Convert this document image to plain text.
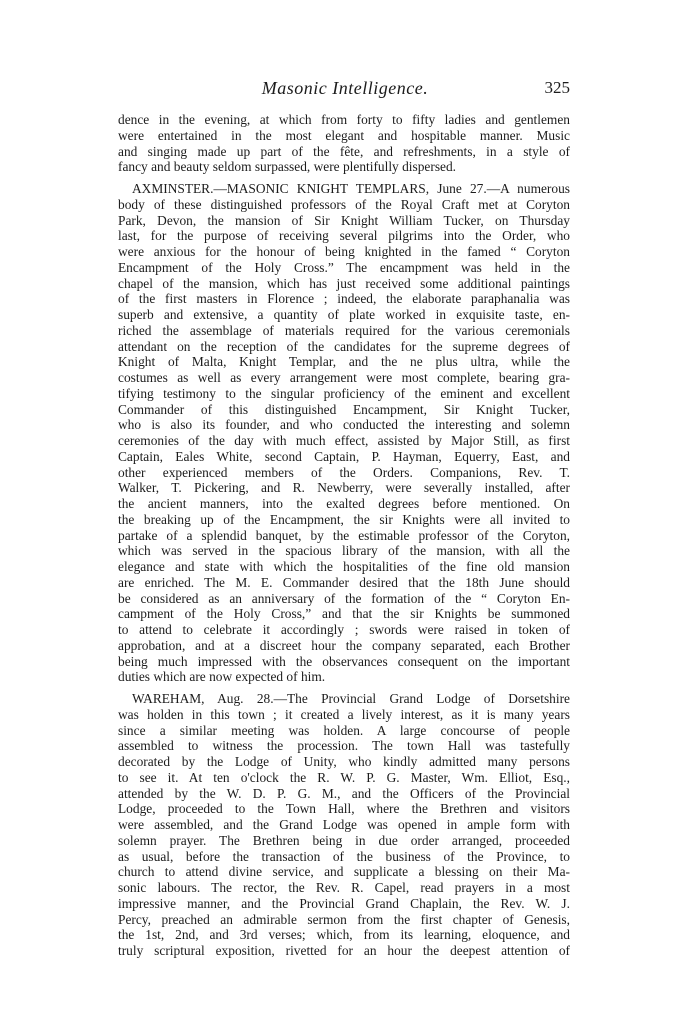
Masonic Intelligence.	325
dence in the evening, at which from forty to fifty ladies and gentlemen
were entertained in the most elegant and hospitable manner. Music
and singing made up part of the fête, and refreshments, in a style of
fancy and beauty seldom surpassed, were plentifully dispersed.
AXMINSTER.—MASONIC KNIGHT TEMPLARS, June 27.—A numerous
body of these distinguished professors of the Royal Craft met at Coryton
Park, Devon, the mansion of Sir Knight William Tucker, on Thursday
last, for the purpose of receiving several pilgrims into the Order, who
were anxious for the honour of being knighted in the famed “ Coryton
Encampment of the Holy Cross.” The encampment was held in the
chapel of the mansion, which has just received some additional paintings
of the first masters in Florence ; indeed, the elaborate paraphanalia was
superb and extensive, a quantity of plate worked in exquisite taste, en-
riched the assemblage of materials required for the various ceremonials
attendant on the reception of the candidates for the supreme degrees of
Knight of Malta, Knight Templar, and the ne plus ultra, while the
costumes as well as every arrangement were most complete, bearing gra-
tifying testimony to the singular proficiency of the eminent and excellent
Commander of this distinguished Encampment, Sir Knight Tucker,
who is also its founder, and who conducted the interesting and solemn
ceremonies of the day with much effect, assisted by Major Still, as first
Captain, Eales White, second Captain, P. Hayman, Equerry, East, and
other experienced members of the Orders. Companions, Rev. T.
Walker, T. Pickering, and R. Newberry, were severally installed, after
the ancient manners, into the exalted degrees before mentioned. On
the breaking up of the Encampment, the sir Knights were all invited to
partake of a splendid banquet, by the estimable professor of the Coryton,
which was served in the spacious library of the mansion, with all the
elegance and state with which the hospitalities of the fine old mansion
are enriched. The M. E. Commander desired that the 18th June should
be considered as an anniversary of the formation of the “ Coryton En-
campment of the Holy Cross,” and that the sir Knights be summoned
to attend to celebrate it accordingly ; swords were raised in token of
approbation, and at a discreet hour the company separated, each Brother
being much impressed with the observances consequent on the important
duties which are now expected of him.
WAREHAM, Aug. 28.—The Provincial Grand Lodge of Dorsetshire
was holden in this town ; it created a lively interest, as it is many years
since a similar meeting was holden. A large concourse of people
assembled to witness the procession. The town Hall was tastefully
decorated by the Lodge of Unity, who kindly admitted many persons
to see it. At ten o'clock the R. W. P. G. Master, Wm. Elliot, Esq.,
attended by the W. D. P. G. M., and the Officers of the Provincial
Lodge, proceeded to the Town Hall, where the Brethren and visitors
were assembled, and the Grand Lodge was opened in ample form with
solemn prayer. The Brethren being in due order arranged, proceeded
as usual, before the transaction of the business of the Province, to
church to attend divine service, and supplicate a blessing on their Ma-
sonic labours. The rector, the Rev. R. Capel, read prayers in a most
impressive manner, and the Provincial Grand Chaplain, the Rev. W. J.
Percy, preached an admirable sermon from the first chapter of Genesis,
the 1st, 2nd, and 3rd verses; which, from its learning, eloquence, and
truly scriptural exposition, rivetted for an hour the deepest attention of
